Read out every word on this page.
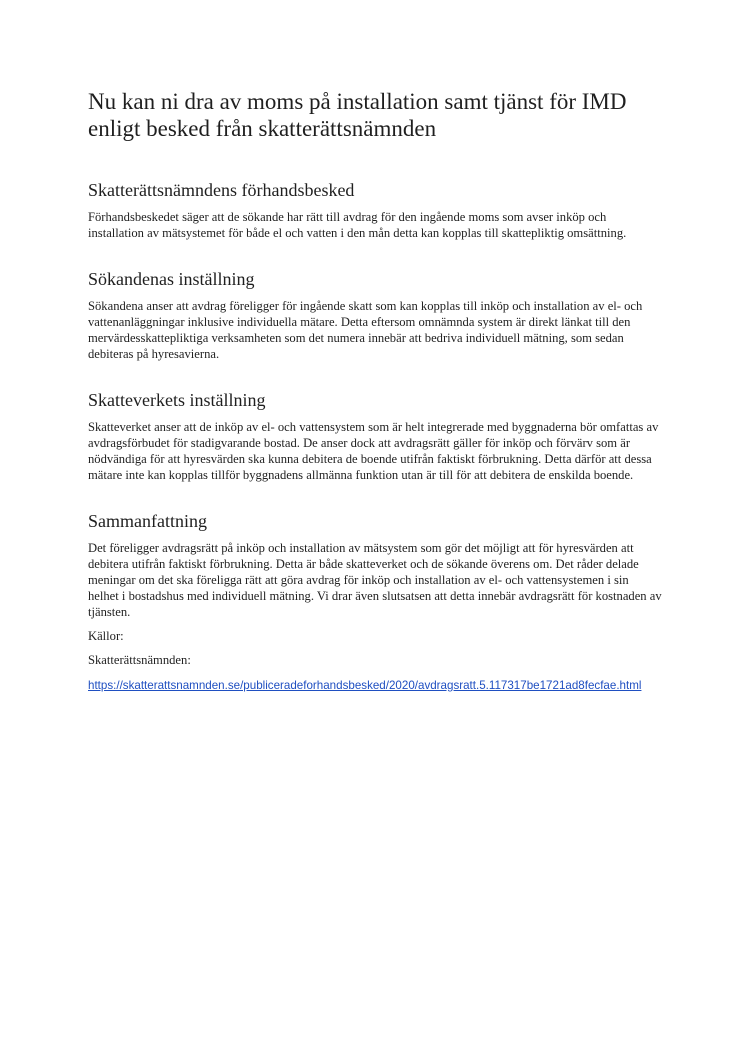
Nu kan ni dra av moms på installation samt tjänst för IMD enligt besked från skatterättsnämnden
Skatterättsnämndens förhandsbesked

Förhandsbeskedet säger att de sökande har rätt till avdrag för den ingående moms som avser inköp och installation av mätsystemet för både el och vatten i den mån detta kan kopplas till skattepliktig omsättning.

Sökandenas inställning

Sökandena anser att avdrag föreligger för ingående skatt som kan kopplas till inköp och installation av el- och vattenanläggningar inklusive individuella mätare. Detta eftersom omnämnda system är direkt länkat till den mervärdesskattepliktiga verksamheten som det numera innebär att bedriva individuell mätning, som sedan debiteras på hyresavierna.

Skatteverkets inställning

Skatteverket anser att de inköp av el- och vattensystem som är helt integrerade med byggnaderna bör omfattas av avdragsförbudet för stadigvarande bostad. De anser dock att avdragsrätt gäller för inköp och förvärv som är nödvändiga för att hyresvärden ska kunna debitera de boende utifrån faktiskt förbrukning. Detta därför att dessa mätare inte kan kopplas tillför byggnadens allmänna funktion utan är till för att debitera de enskilda boende.

Sammanfattning

Det föreligger avdragsrätt på inköp och installation av mätsystem som gör det möjligt att för hyresvärden att debitera utifrån faktiskt förbrukning. Detta är både skatteverket och de sökande överens om. Det råder delade meningar om det ska föreligga rätt att göra avdrag för inköp och installation av el- och vattensystemen i sin helhet i bostadshus med individuell mätning. Vi drar även slutsatsen att detta innebär avdragsrätt för kostnaden av tjänsten.

Källor:

Skatterättsnämnden:

https://skatterattsnamnden.se/publiceradeforhandsbesked/2020/avdragsratt.5.117317be1721ad8fecfae.html
